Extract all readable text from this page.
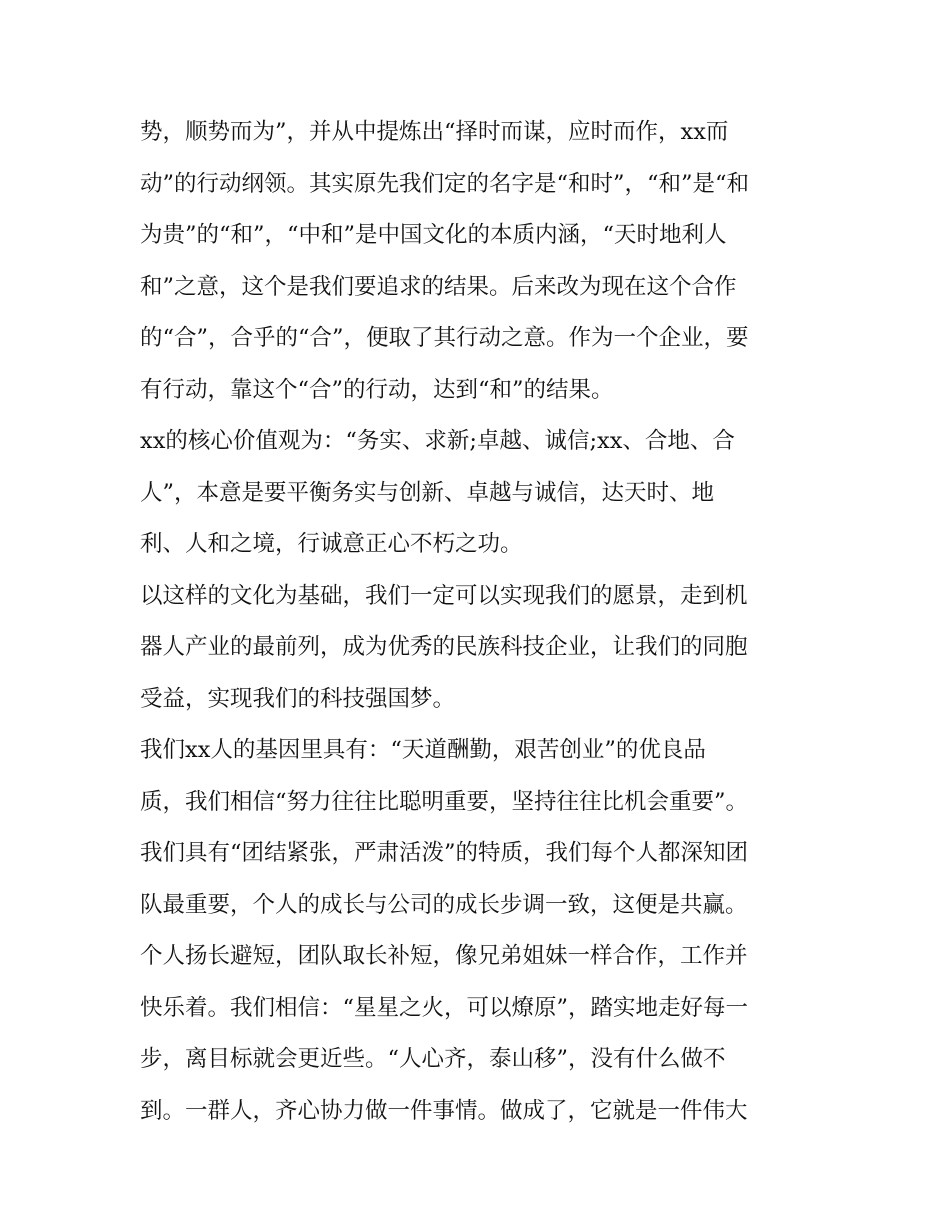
势，顺势而为”，并从中提炼出“择时而谋，应时而作，xx而
动”的行动纲领。其实原先我们定的名字是“和时”，“和”是“和
为贵”的“和”，“中和”是中国文化的本质内涵，“天时地利人
和”之意，这个是我们要追求的结果。后来改为现在这个合作
的“合”，合乎的“合”，便取了其行动之意。作为一个企业，要
有行动，靠这个“合”的行动，达到“和”的结果。
xx的核心价值观为：“务实、求新;卓越、诚信;xx、合地、合
人”，本意是要平衡务实与创新、卓越与诚信，达天时、地
利、人和之境，行诚意正心不朽之功。
以这样的文化为基础，我们一定可以实现我们的愿景，走到机
器人产业的最前列，成为优秀的民族科技企业，让我们的同胞
受益，实现我们的科技强国梦。
我们xx人的基因里具有：“天道酬勤，艰苦创业”的优良品
质，我们相信“努力往往比聪明重要，坚持往往比机会重要”。
我们具有“团结紧张，严肃活泼”的特质，我们每个人都深知团
队最重要，个人的成长与公司的成长步调一致，这便是共赢。
个人扬长避短，团队取长补短，像兄弟姐妹一样合作，工作并
快乐着。我们相信：“星星之火，可以燎原”，踏实地走好每一
步，离目标就会更近些。“人心齐，泰山移”，没有什么做不
到。一群人，齐心协力做一件事情。做成了，它就是一件伟大
